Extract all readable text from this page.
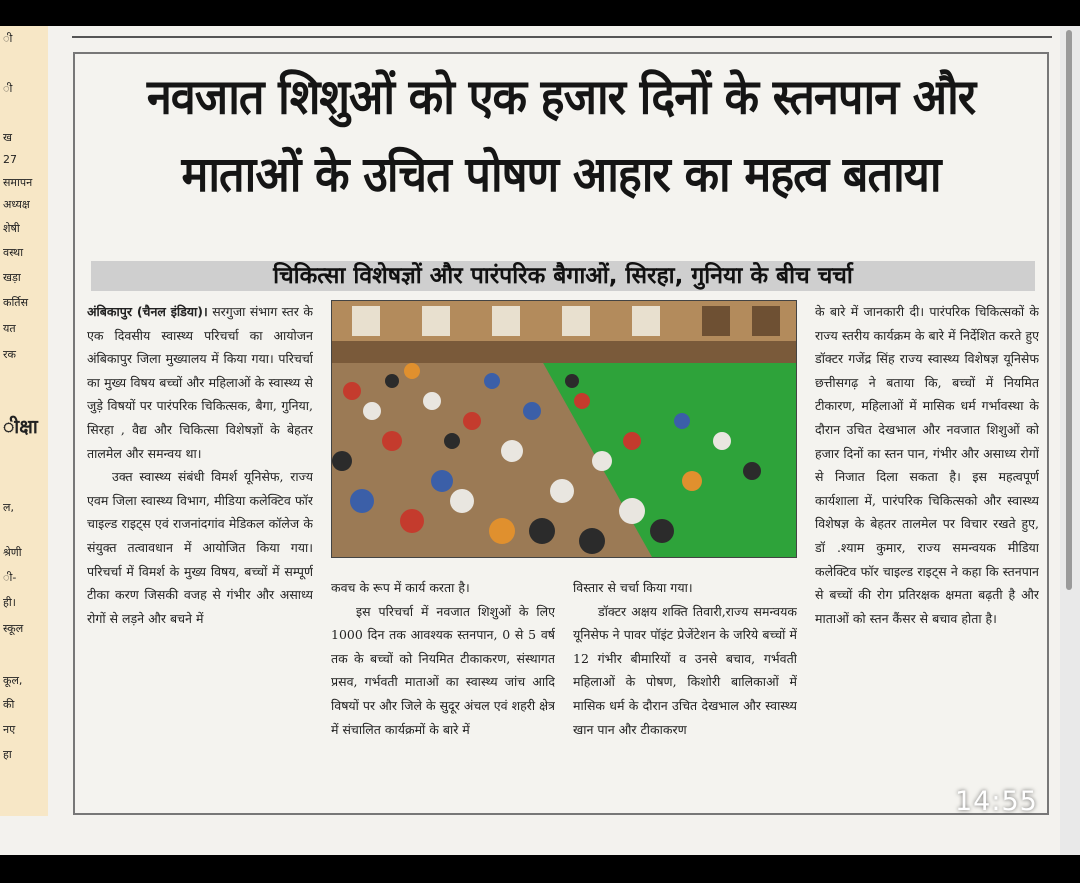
ी
ी
ख
27
समापन
अध्यक्ष
शेषी
वस्था
खड़ा
कर्तिस
यत
रक
ीक्षा
ल,
श्रेणी
ी-
ही।
स्कूल
कूल,
की
नए
हा
नवजात शिशुओं को एक हजार दिनों के स्तनपान और
माताओं के उचित पोषण आहार का महत्व बताया
चिकित्सा विशेषज्ञों और पारंपरिक बैगाओं, सिरहा, गुनिया के बीच चर्चा

अंबिकापुर (चैनल इंडिया)। सरगुजा संभाग स्तर के एक दिवसीय स्वास्थ्य परिचर्चा का आयोजन अंबिकापुर जिला मुख्यालय में किया गया। परिचर्चा का मुख्य विषय बच्चों और महिलाओं के स्वास्थ्य से जुड़े विषयों पर पारंपरिक चिकित्सक, बैगा, गुनिया, सिरहा , वैद्य और चिकित्सा विशेषज्ञों के बेहतर तालमेल और समन्वय था।

उक्त स्वास्थ्य संबंधी विमर्श यूनिसेफ, राज्य एवम जिला स्वास्थ्य विभाग, मीडिया कलेक्टिव फॉर चाइल्ड राइट्स एवं राजनांदगांव मेडिकल कॉलेज के संयुक्त तत्वावधान में आयोजित किया गया। परिचर्चा में विमर्श के मुख्य विषय, बच्चों में सम्पूर्ण टीका करण जिसकी वजह से गंभीर और असाध्य रोगों से लड़ने और बचने में

कवच के रूप में कार्य करता है।

इस परिचर्चा में नवजात शिशुओं के लिए 1000 दिन तक आवश्यक स्तनपान, 0 से 5 वर्ष तक के बच्चों को नियमित टीकाकरण, संस्थागत प्रसव, गर्भवती माताओं का स्वास्थ्य जांच आदि विषयों पर और जिले के सुदूर अंचल एवं शहरी क्षेत्र में संचालित कार्यक्रमों के बारे में

विस्तार से चर्चा किया गया।

डॉक्टर अक्षय शक्ति तिवारी,राज्य समन्वयक यूनिसेफ ने पावर पॉइंट प्रेजेंटेशन के जरिये बच्चों में 12 गंभीर बीमारियों व उनसे बचाव, गर्भवती महिलाओं के पोषण, किशोरी बालिकाओं में मासिक धर्म के दौरान उचित देखभाल और स्वास्थ्य खान पान और टीकाकरण

के बारे में जानकारी दी। पारंपरिक चिकित्सकों के राज्य स्तरीय कार्यक्रम के बारे में निर्देशित करते हुए डॉक्टर गजेंद्र सिंह राज्य स्वास्थ्य विशेषज्ञ यूनिसेफ छत्तीसगढ़ ने बताया कि, बच्चों में नियमित टीकारण, महिलाओं में मासिक धर्म गर्भावस्था के दौरान उचित देखभाल और नवजात शिशुओं को हजार दिनों का स्तन पान, गंभीर और असाध्य रोगों से निजात दिला सकता है। इस महत्वपूर्ण कार्यशाला में, पारंपरिक चिकित्सको और स्वास्थ्य विशेषज्ञ के बेहतर तालमेल पर विचार रखते हुए, डॉ .श्याम कुमार, राज्य समन्वयक मीडिया कलेक्टिव फॉर चाइल्ड राइट्स ने कहा कि स्तनपान से बच्चों की रोग प्रतिरक्षक क्षमता बढ़ती है और माताओं को स्तन कैंसर से बचाव होता है।

14:55
